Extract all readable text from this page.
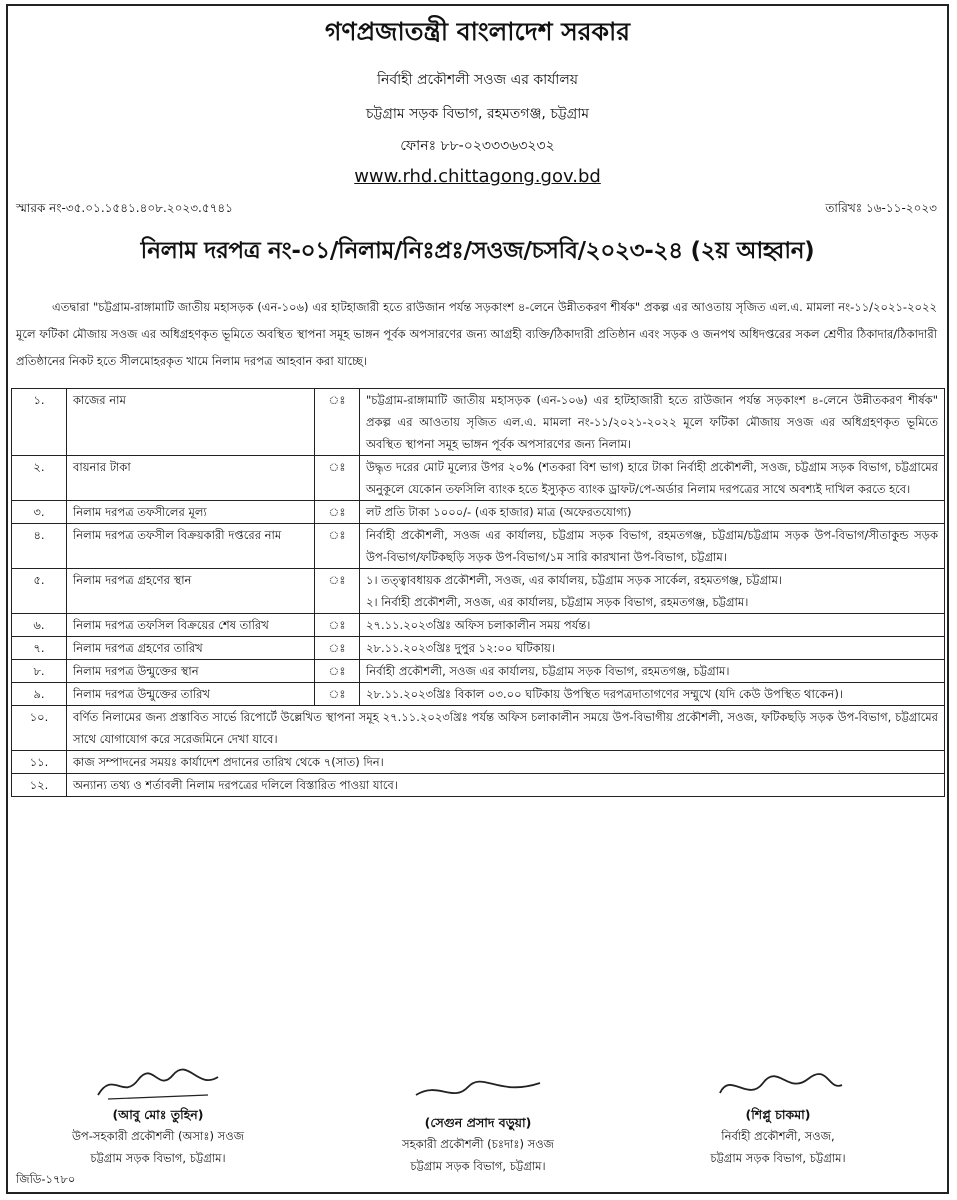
গণপ্রজাতন্ত্রী বাংলাদেশ সরকার
নির্বাহী প্রকৌশলী সওজ এর কার্যালয়
চট্টগ্রাম সড়ক বিভাগ, রহমতগঞ্জ, চট্টগ্রাম
ফোনঃ ৮৮-০২৩৩৩৬৩২৩২
www.rhd.chittagong.gov.bd
স্মারক নং-৩৫.০১.১৫৪১.৪০৮.২০২৩.৫৭৪১	তারিখঃ ১৬-১১-২০২৩
নিলাম দরপত্র নং-০১/নিলাম/নিঃপ্রঃ/সওজ/চসবি/২০২৩-২৪ (২য় আহ্বান)
এতদ্বারা "চট্টগ্রাম-রাঙ্গামাটি জাতীয় মহাসড়ক (এন-১০৬) এর হাটহাজারী হতে রাউজান পর্যন্ত সড়কাংশ ৪-লেনে উন্নীতকরণ শীর্ষক" প্রকল্প এর আওতায় সৃজিত এল.এ. মামলা নং-১১/২০২১-২০২২ মূলে ফটিকা মৌজায় সওজ এর অধিগ্রহণকৃত ভূমিতে অবস্থিত স্থাপনা সমূহ ভাঙ্গন পূর্বক অপসারণের জন্য আগ্রহী ব্যক্তি/ঠিকাদারী প্রতিষ্ঠান এবং সড়ক ও জনপথ অধিদপ্তরের সকল শ্রেণীর ঠিকাদার/ঠিকাদারী প্রতিষ্ঠানের নিকট হতে সীলমোহরকৃত খামে নিলাম দরপত্র আহবান করা যাচ্ছে।
১.	কাজের নাম	ঃ	"চট্টগ্রাম-রাঙ্গামাটি জাতীয় মহাসড়ক (এন-১০৬) এর হাটহাজারী হতে রাউজান পর্যন্ত সড়কাংশ ৪-লেনে উন্নীতকরণ শীর্ষক" প্রকল্প এর আওতায় সৃজিত এল.এ. মামলা নং-১১/২০২১-২০২২ মূলে ফটিকা মৌজায় সওজ এর অধিগ্রহণকৃত ভূমিতে অবস্থিত স্থাপনা সমূহ ভাঙ্গন পূর্বক অপসারণের জন্য নিলাম।
২.	বায়নার টাকা	ঃ	উদ্ধৃত দরের মোট মূল্যের উপর ২০% (শতকরা বিশ ভাগ) হারে টাকা নির্বাহী প্রকৌশলী, সওজ, চট্টগ্রাম সড়ক বিভাগ, চট্টগ্রামের অনুকূলে যেকোন তফসিলি ব্যাংক হতে ইস্যুকৃত ব্যাংক ড্রাফট/পে-অর্ডার নিলাম দরপত্রের সাথে অবশ্যই দাখিল করতে হবে।
৩.	নিলাম দরপত্র তফসীলের মূল্য	ঃ	লট প্রতি টাকা ১০০০/- (এক হাজার) মাত্র (অফেরতযোগ্য)
৪.	নিলাম দরপত্র তফসীল বিক্রয়কারী দপ্তরের নাম	ঃ	নির্বাহী প্রকৌশলী, সওজ এর কার্যালয়, চট্টগ্রাম সড়ক বিভাগ, রহমতগঞ্জ, চট্টগ্রাম/চট্টগ্রাম সড়ক উপ-বিভাগ/সীতাকুন্ড সড়ক উপ-বিভাগ/ফটিকছড়ি সড়ক উপ-বিভাগ/১ম সারি কারখানা উপ-বিভাগ, চট্টগ্রাম।
৫.	নিলাম দরপত্র গ্রহণের স্থান	ঃ	১। তত্ত্বাবধায়ক প্রকৌশলী, সওজ, এর কার্যালয়, চট্টগ্রাম সড়ক সার্কেল, রহমতগঞ্জ, চট্টগ্রাম।
২। নির্বাহী প্রকৌশলী, সওজ, এর কার্যালয়, চট্টগ্রাম সড়ক বিভাগ, রহমতগঞ্জ, চট্টগ্রাম।

৬.	নিলাম দরপত্র তফসিল বিক্রয়ের শেষ তারিখ	ঃ	২৭.১১.২০২৩খ্রিঃ অফিস চলাকালীন সময় পর্যন্ত।
৭.	নিলাম দরপত্র গ্রহণের তারিখ	ঃ	২৮.১১.২০২৩খ্রিঃ দুপুর ১২:০০ ঘটিকায়।
৮.	নিলাম দরপত্র উন্মুক্তের স্থান	ঃ	নির্বাহী প্রকৌশলী, সওজ এর কার্যালয়, চট্টগ্রাম সড়ক বিভাগ, রহমতগঞ্জ, চট্টগ্রাম।
৯.	নিলাম দরপত্র উন্মুক্তের তারিখ	ঃ	২৮.১১.২০২৩খ্রিঃ বিকাল ০৩.০০ ঘটিকায় উপস্থিত দরপত্রদাতাগণের সম্মুখে (যদি কেউ উপস্থিত থাকেন)।
১০.	বর্ণিত নিলামের জন্য প্রস্তাবিত সার্ভে রিপোর্টে উল্লেখিত স্থাপনা সমূহ ২৭.১১.২০২৩খ্রিঃ পর্যন্ত অফিস চলাকালীন সময়ে উপ-বিভাগীয় প্রকৌশলী, সওজ, ফটিকছড়ি সড়ক উপ-বিভাগ, চট্টগ্রামের সাথে যোগাযোগ করে সরেজমিনে দেখা যাবে।		
১১.	কাজ সম্পাদনের সময়ঃ কার্যাদেশ প্রদানের তারিখ থেকে ৭(সাত) দিন।		
১২.	অন্যান্য তথ্য ও শর্তাবলী নিলাম দরপত্রের দলিলে বিস্তারিত পাওয়া যাবে।		
(আবু মোঃ তুহিন)
উপ-সহকারী প্রকৌশলী (অসাঃ) সওজ
চট্টগ্রাম সড়ক বিভাগ, চট্টগ্রাম।
(সেগুন প্রসাদ বড়ুয়া)
সহকারী প্রকৌশলী (চঃদাঃ) সওজ
চট্টগ্রাম সড়ক বিভাগ, চট্টগ্রাম।
(শিপ্লু চাকমা)
নির্বাহী প্রকৌশলী, সওজ,
চট্টগ্রাম সড়ক বিভাগ, চট্টগ্রাম।
জিডি-১৭৮০
